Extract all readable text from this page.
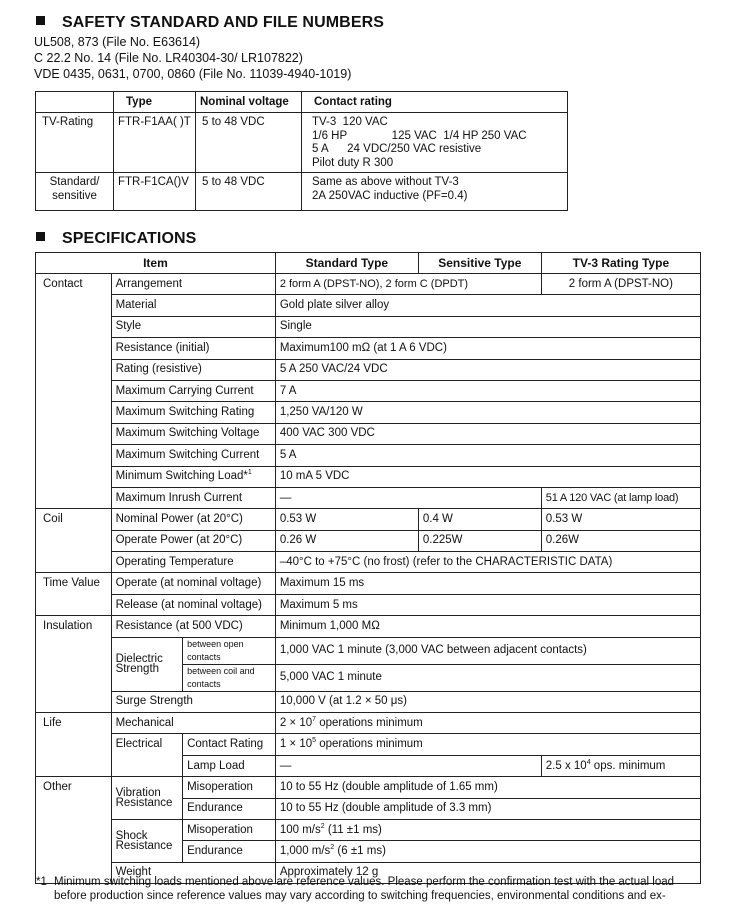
SAFETY STANDARD AND FILE NUMBERS
UL508, 873 (File No. E63614)
C 22.2 No. 14 (File No. LR40304-30/ LR107822)
VDE 0435, 0631, 0700, 0860 (File No. 11039-4940-1019)
	Type	Nominal voltage	Contact rating
TV-Rating	FTR-F1AA( )T	5 to 48 VDC	TV-3  120 VAC
1/6 HP              125 VAC  1/4 HP 250 VAC
5 A      24 VDC/250 VAC resistive
Pilot duty R 300
Standard/
sensitive	FTR-F1CA()V	5 to 48 VDC	Same as above without TV-3
2A 250VAC inductive (PF=0.4)
SPECIFICATIONS
Item			Standard Type	Sensitive Type	TV-3 Rating Type
Contact	Arrangement		2 form A (DPST-NO), 2 form C (DPDT)		2 form A (DPST-NO)
	Material		Gold plate silver alloy		
	Style		Single		
	Resistance (initial)		Maximum100 mΩ (at 1 A 6 VDC)		
	Rating (resistive)		5 A 250 VAC/24 VDC		
	Maximum Carrying Current		7 A		
	Maximum Switching Rating		1,250 VA/120 W		
	Maximum Switching Voltage		400 VAC 300 VDC		
	Maximum Switching Current		5 A		
	Minimum Switching Load*$^1$		10 mA 5 VDC		
	Maximum Inrush Current		—		51 A 120 VAC (at lamp load)
Coil	Nominal Power (at 20°C)		0.53 W	0.4 W	0.53 W
	Operate Power (at 20°C)		0.26 W	0.225W	0.26W
	Operating Temperature		–40°C to +75°C (no frost) (refer to the CHARACTERISTIC DATA)		
Time Value	Operate (at nominal voltage)		Maximum 15 ms		
	Release (at nominal voltage)		Maximum 5 ms		
Insulation	Resistance (at 500 VDC)		Minimum 1,000 MΩ		

	Dielectric
Strength	between open contacts	1,000 VAC 1 minute (3,000 VAC between adjacent contacts)		
		between coil and contacts	5,000 VAC 1 minute		
	Surge Strength		10,000 V (at 1.2 × 50 μs)		
Life	Mechanical		$2 \times 10^7$ operations minimum		
	Electrical	Contact Rating	$1 \times 10^5$ operations minimum		
		Lamp Load	—		2.5 x $10^4$ ops. minimum
Other	Vibration
Resistance	Misoperation	10 to 55 Hz (double amplitude of 1.65 mm)		
		Endurance	10 to 55 Hz (double amplitude of 3.3 mm)		

	Shock
Resistance	Misoperation	100 $m/s^2$ (11 ±1 ms)		
		Endurance	1,000 $m/s^2$ (6 ±1 ms)		
	Weight		Approximately 12 g		
*1 Minimum switching loads mentioned above are reference values. Please perform the confirmation test with the actual load before production since reference values may vary according to switching frequencies, environmental conditions and ex-
